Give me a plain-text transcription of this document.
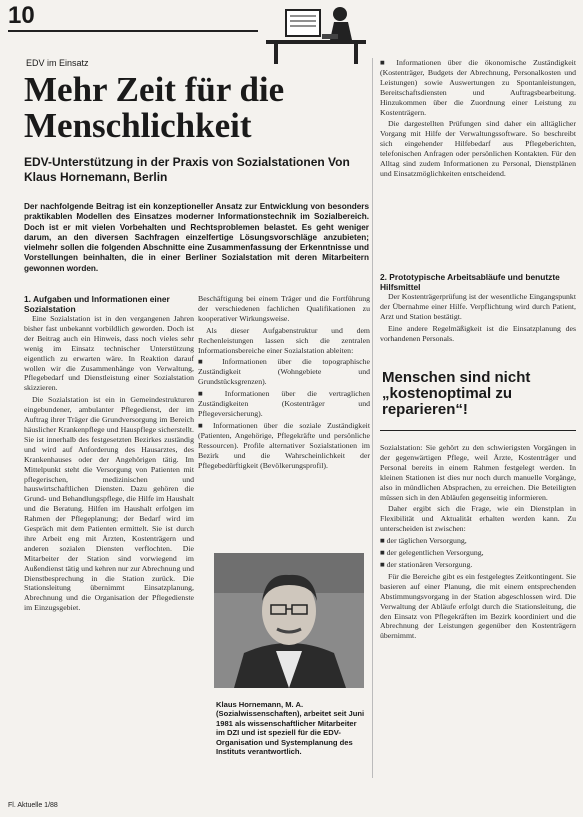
10
EDV im Einsatz
Mehr Zeit für die Menschlichkeit
EDV-Unterstützung in der Praxis von Sozialstationen Von Klaus Hornemann, Berlin
Der nachfolgende Beitrag ist ein konzeptioneller Ansatz zur Entwicklung von besonders praktikablen Modellen des Einsatzes moderner Informationstechnik im Sozialbereich. Doch ist er mit vielen Vorbehalten und Rechtsproblemen belastet. Es geht weniger darum, an den diversen Sachfragen einzelfertige Lösungsvorschläge anzubieten; vielmehr sollen die folgenden Abschnitte eine Zusammenfassung der Erkenntnisse und Vorstellungen beinhalten, die in einer Berliner Sozialstation mit deren Mitarbeitern gewonnen worden.
1. Aufgaben und Informationen einer Sozialstation

Eine Sozialstation ist in den vergangenen Jahren bisher fast unbekannt vorbildlich geworden. Doch ist der Beitrag auch ein Hinweis, dass noch vieles sehr wenig im Einsatz technischer Unterstützung eigentlich zu erwarten wäre. In Reaktion darauf wollen wir die Zusammenhänge von Verwaltung, Pflegebedarf und Dienstleistung einer Sozialstation skizzieren.

Die Sozialstation ist ein in Gemeindestrukturen eingebundener, ambulanter Pflegedienst, der im Auftrag ihrer Träger die Grundversorgung im Bereich häuslicher Krankenpflege und Hauspflege sicherstellt. Sie ist innerhalb des festgesetzten Bezirkes zuständig und wird auf Anforderung des Hausarztes, des Krankenhauses oder der Angehörigen tätig. Im Mittelpunkt steht die Versorgung von Patienten mit pflegerischen, medizinischen und hauswirtschaftlichen Diensten. Dazu gehören die Grund- und Behandlungspflege, die Hilfe im Haushalt und die Beratung. Hilfen im Haushalt erfolgen im Rahmen der Pflegeplanung; der Bedarf wird im Gespräch mit dem Patienten ermittelt. Sie ist durch ihre Arbeit eng mit Ärzten, Kostenträgern und anderen sozialen Diensten verflochten. Die Mitarbeiter der Station sind vorwiegend im Außendienst tätig und kehren nur zur Abrechnung und Dienstbesprechung in die Station zurück. Die Stationsleitung übernimmt Einsatzplanung, Abrechnung und die Organisation der Pflegedienste im Einzugsgebiet.

Beschäftigung bei einem Träger und die Fortführung der verschiedenen fachlichen Qualifikationen zu kooperativer Wirkungsweise.

Als dieser Aufgabenstruktur und dem Rechenleistungen lassen sich die zentralen Informationsbereiche einer Sozialstation ableiten:

■ Informationen über die topographische Zuständigkeit (Wohngebiete und Grundstücksgrenzen).

■ Informationen über die vertraglichen Zuständigkeiten (Kostenträger und Pflegeversicherung).

■ Informationen über die soziale Zuständigkeit (Patienten, Angehörige, Pflegekräfte und persönliche Ressourcen). Profile alternativer Sozialstationen im Bezirk und die Wahrscheinlichkeit der Pflegebedürftigkeit (Bevölkerungsprofil).

Klaus Hornemann, M. A. (Sozialwissenschaften), arbeitet seit Juni 1981 als wissenschaftlicher Mitarbeiter im DZI und ist speziell für die EDV-Organisation und Systemplanung des Instituts verantwortlich.

■ Informationen über die ökonomische Zuständigkeit (Kostenträger, Budgets der Abrechnung, Personalkosten und Leistungen) sowie Auswertungen zu Spontanleistungen, Bereitschaftsdiensten und Auftragsbearbeitung. Hinzukommen über die Zuordnung einer Leistung zu Kostenträgern.

Die dargestellten Prüfungen sind daher ein alltäglicher Vorgang mit Hilfe der Verwaltungssoftware. So beschreibt sich eingehender Hilfebedarf aus Pflegeberichten, telefonischen Anfragen oder persönlichen Kontakten. Für den Alltag sind zudem Informationen zu Personal, Dienstplänen und Einsatzmöglichkeiten entscheidend.

2. Prototypische Arbeitsabläufe und benutzte Hilfsmittel

Der Kostenträgerprüfung ist der wesentliche Eingangspunkt der Übernahme einer Hilfe. Verpflichtung wird durch Patient, Arzt und Station bestätigt.

Eine andere Regelmäßigkeit ist die Einsatzplanung des vorhandenen Personals.

Menschen sind nicht „kostenoptimal zu reparieren“!

Sozialstation: Sie gehört zu den schwierigsten Vorgängen in der gegenwärtigen Pflege, weil Ärzte, Kostenträger und Personal bereits in einem Rahmen festgelegt werden. In kleinen Stationen ist dies nur noch durch manuelle Vorgänge, also in mündlichen Absprachen, zu erreichen. Die Beteiligten müssen sich in den Abläufen gegenseitig informieren.

Daher ergibt sich die Frage, wie ein Dienstplan in Flexibilität und Aktualität erhalten werden kann. Zu unterscheiden ist zwischen:

■ der täglichen Versorgung,

■ der gelegentlichen Versorgung,

■ der stationären Versorgung.

Für die Bereiche gibt es ein festgelegtes Zeitkontingent. Sie basieren auf einer Planung, die mit einem entsprechenden Abstimmungsvorgang in der Station abgeschlossen wird. Die Verwaltung der Abläufe erfolgt durch die Stationsleitung, die den Einsatz von Pflegekräften im Bezirk koordiniert und die Abrechnung der Leistungen gegenüber den Kostenträgern übernimmt.

Fl. Aktuelle 1/88
